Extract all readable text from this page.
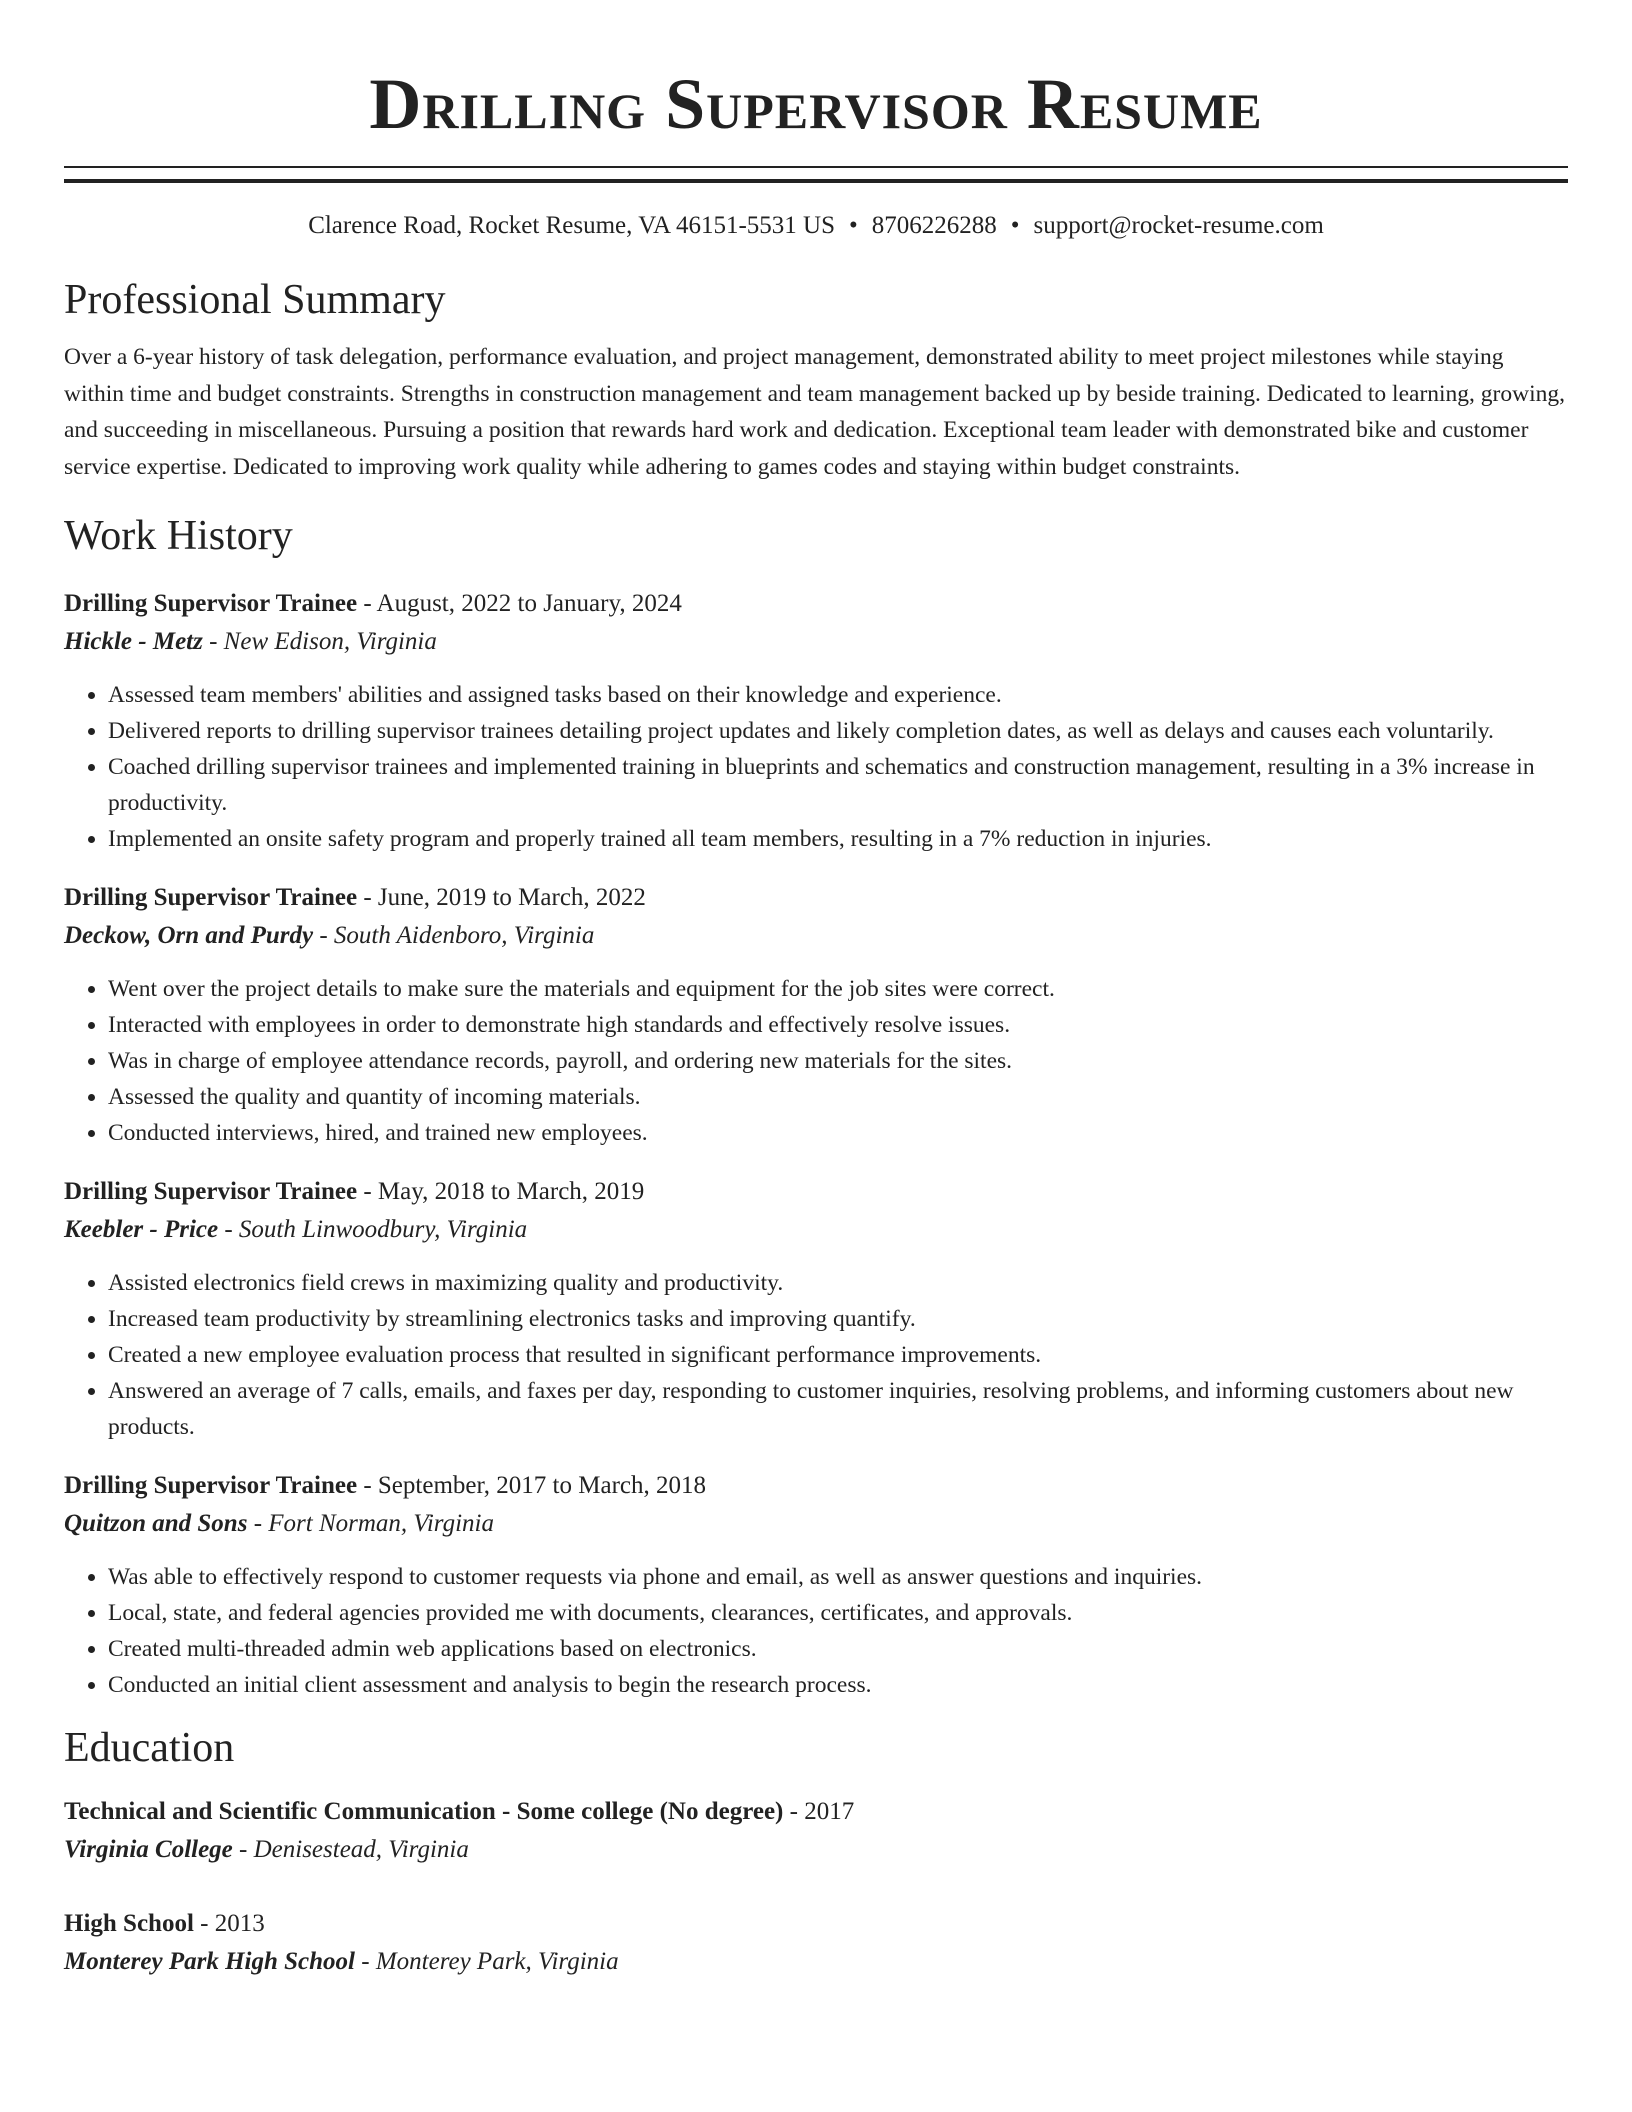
Drilling Supervisor Resume
Clarence Road, Rocket Resume, VA 46151-5531 US • 8706226288 • support@rocket-resume.com
Professional Summary
Over a 6-year history of task delegation, performance evaluation, and project management, demonstrated ability to meet project milestones while staying within time and budget constraints. Strengths in construction management and team management backed up by beside training. Dedicated to learning, growing, and succeeding in miscellaneous. Pursuing a position that rewards hard work and dedication. Exceptional team leader with demonstrated bike and customer service expertise. Dedicated to improving work quality while adhering to games codes and staying within budget constraints.
Work History
Drilling Supervisor Trainee - August, 2022 to January, 2024
Hickle - Metz - New Edison, Virginia
• Assessed team members' abilities and assigned tasks based on their knowledge and experience.
• Delivered reports to drilling supervisor trainees detailing project updates and likely completion dates, as well as delays and causes each voluntarily.
• Coached drilling supervisor trainees and implemented training in blueprints and schematics and construction management, resulting in a 3% increase in productivity.
• Implemented an onsite safety program and properly trained all team members, resulting in a 7% reduction in injuries.
Drilling Supervisor Trainee - June, 2019 to March, 2022
Deckow, Orn and Purdy - South Aidenboro, Virginia
• Went over the project details to make sure the materials and equipment for the job sites were correct.
• Interacted with employees in order to demonstrate high standards and effectively resolve issues.
• Was in charge of employee attendance records, payroll, and ordering new materials for the sites.
• Assessed the quality and quantity of incoming materials.
• Conducted interviews, hired, and trained new employees.
Drilling Supervisor Trainee - May, 2018 to March, 2019
Keebler - Price - South Linwoodbury, Virginia
• Assisted electronics field crews in maximizing quality and productivity.
• Increased team productivity by streamlining electronics tasks and improving quantify.
• Created a new employee evaluation process that resulted in significant performance improvements.
• Answered an average of 7 calls, emails, and faxes per day, responding to customer inquiries, resolving problems, and informing customers about new products.
Drilling Supervisor Trainee - September, 2017 to March, 2018
Quitzon and Sons - Fort Norman, Virginia
• Was able to effectively respond to customer requests via phone and email, as well as answer questions and inquiries.
• Local, state, and federal agencies provided me with documents, clearances, certificates, and approvals.
• Created multi-threaded admin web applications based on electronics.
• Conducted an initial client assessment and analysis to begin the research process.
Education
Technical and Scientific Communication - Some college (No degree) - 2017
Virginia College - Denisestead, Virginia
High School - 2013
Monterey Park High School - Monterey Park, Virginia
